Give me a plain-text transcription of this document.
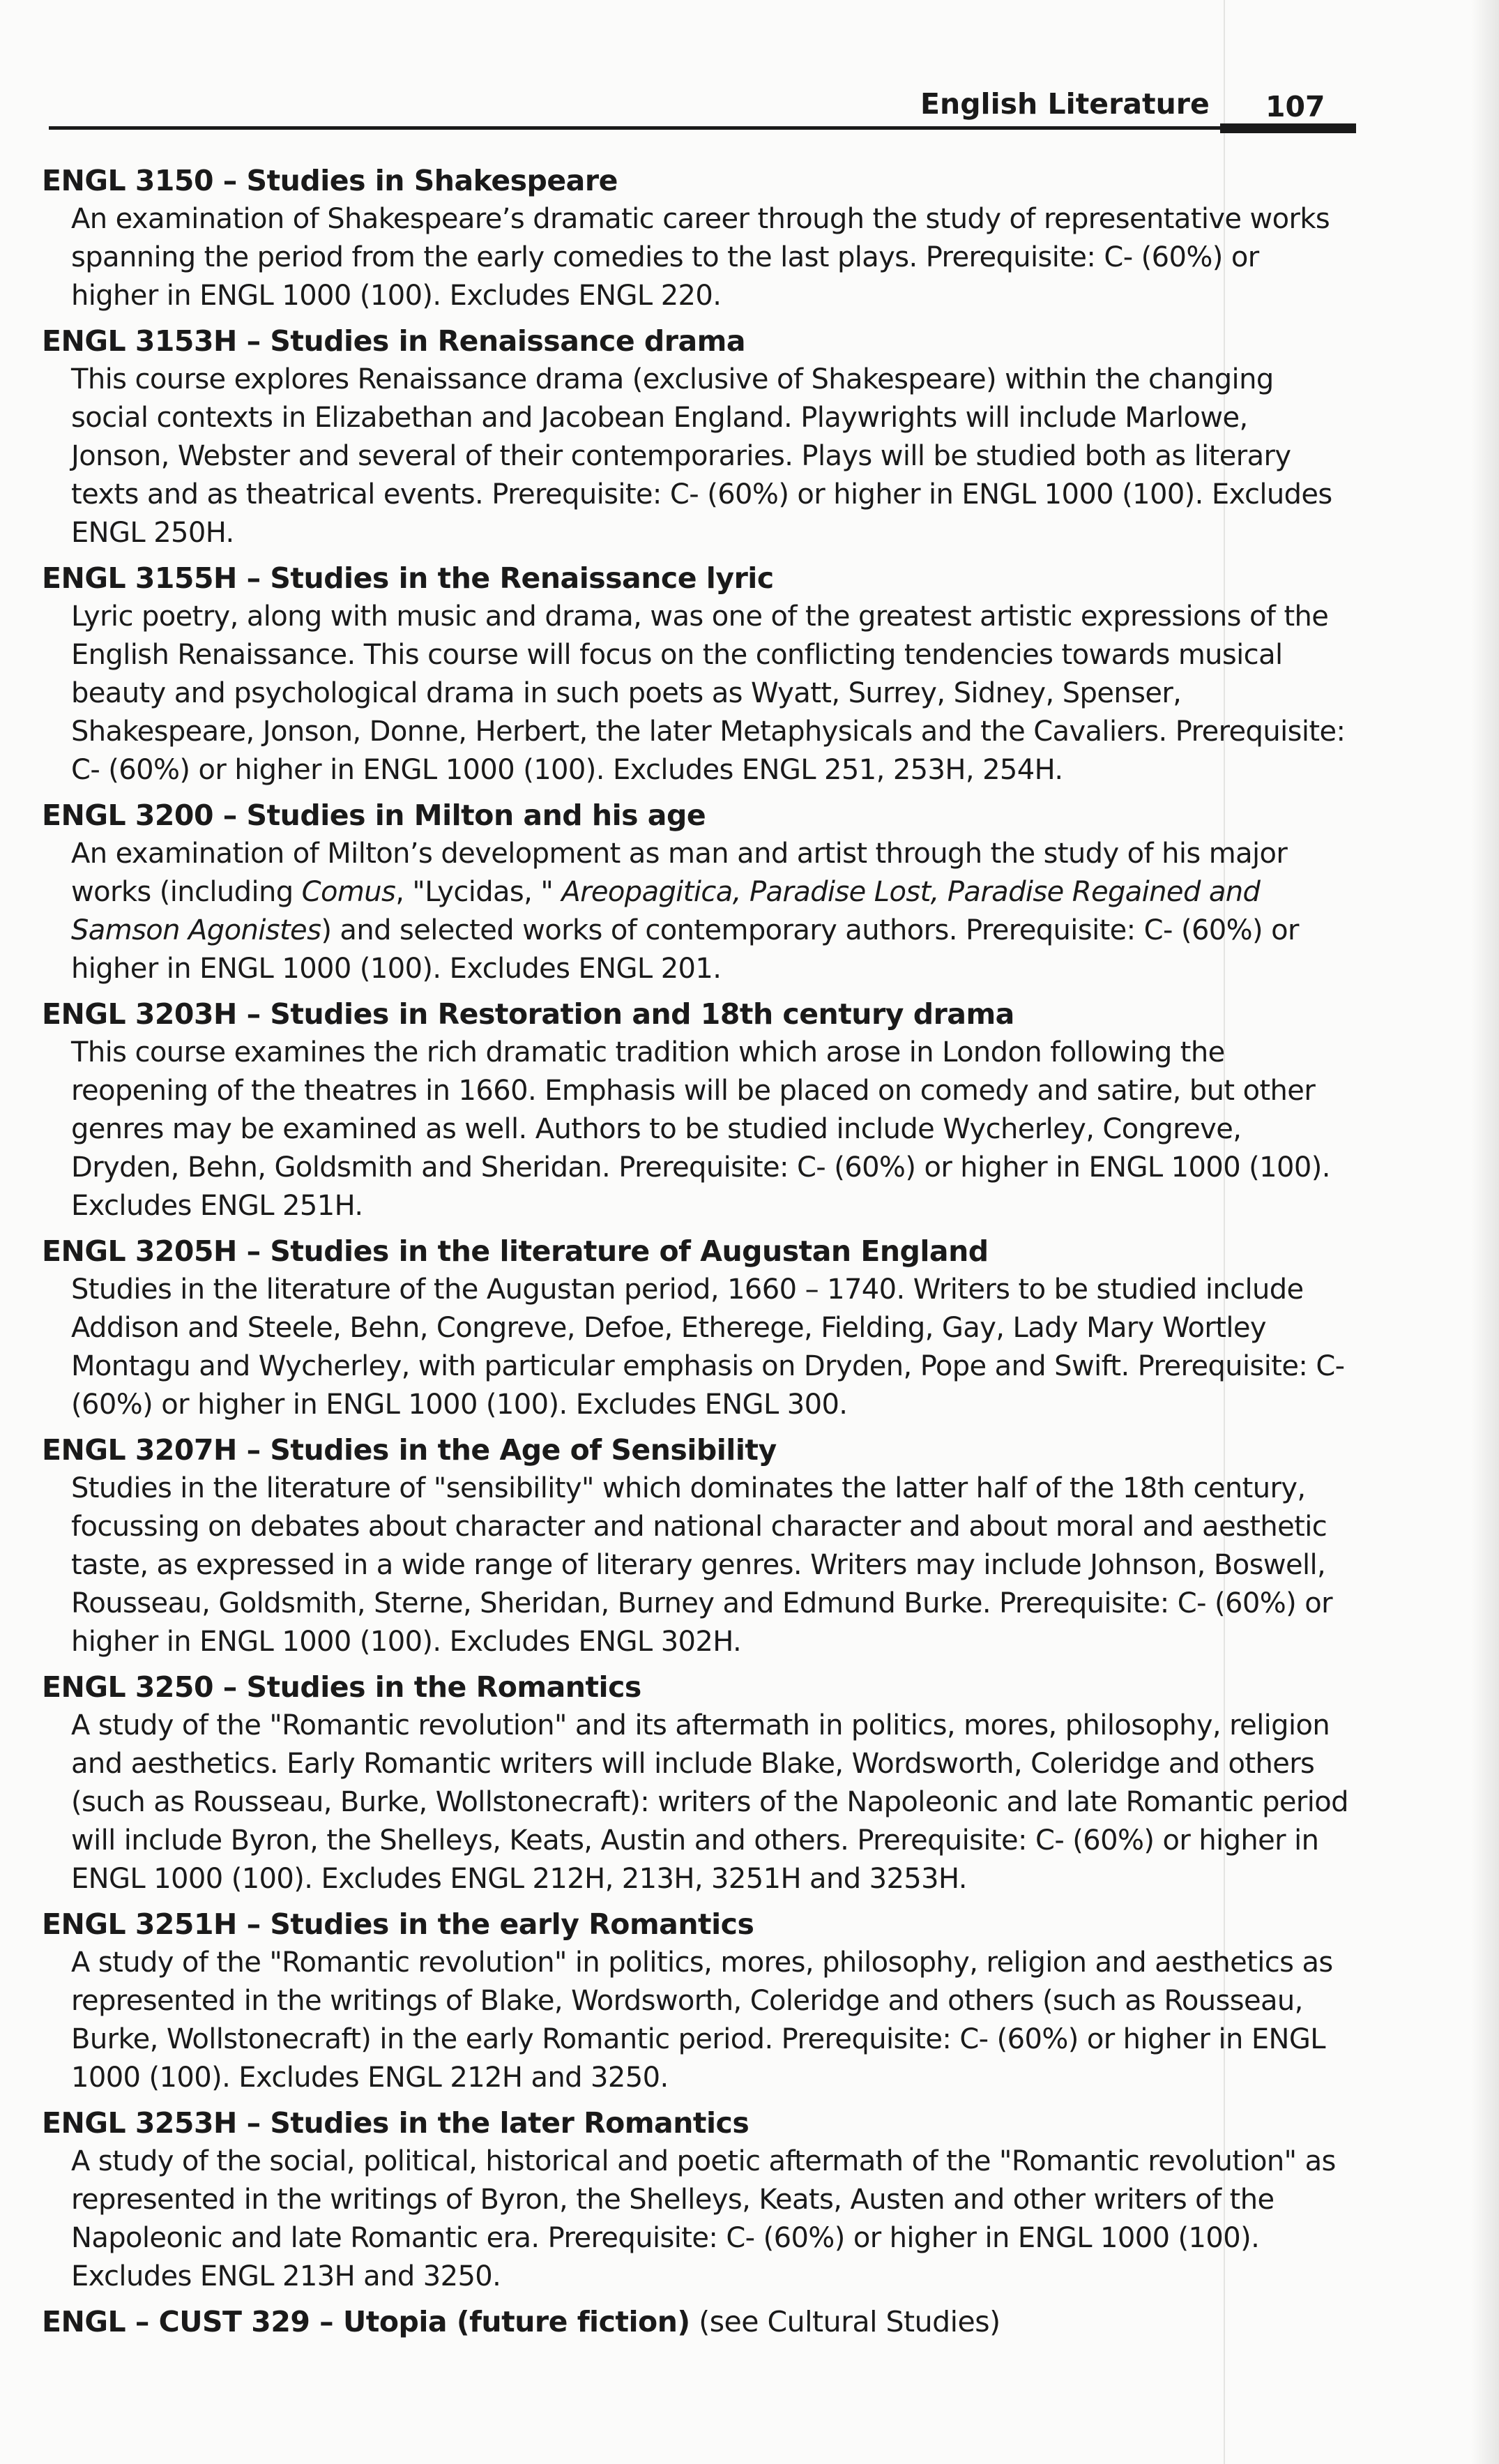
English Literature 107
ENGL 3150 – Studies in Shakespeare
An examination of Shakespeare’s dramatic career through the study of representative works spanning the period from the early comedies to the last plays. Prerequisite: C- (60%) or higher in ENGL 1000 (100). Excludes ENGL 220.
ENGL 3153H – Studies in Renaissance drama
This course explores Renaissance drama (exclusive of Shakespeare) within the changing social contexts in Elizabethan and Jacobean England. Playwrights will include Marlowe, Jonson, Webster and several of their contemporaries. Plays will be studied both as literary texts and as theatrical events. Prerequisite: C- (60%) or higher in ENGL 1000 (100). Excludes ENGL 250H.
ENGL 3155H – Studies in the Renaissance lyric
Lyric poetry, along with music and drama, was one of the greatest artistic expressions of the English Renaissance. This course will focus on the conflicting tendencies towards musical beauty and psychological drama in such poets as Wyatt, Surrey, Sidney, Spenser, Shakespeare, Jonson, Donne, Herbert, the later Metaphysicals and the Cavaliers. Prerequisite: C- (60%) or higher in ENGL 1000 (100). Excludes ENGL 251, 253H, 254H.
ENGL 3200 – Studies in Milton and his age
An examination of Milton’s development as man and artist through the study of his major works (including Comus, "Lycidas, " Areopagitica, Paradise Lost, Paradise Regained and Samson Agonistes) and selected works of contemporary authors. Prerequisite: C- (60%) or higher in ENGL 1000 (100). Excludes ENGL 201.
ENGL 3203H – Studies in Restoration and 18th century drama
This course examines the rich dramatic tradition which arose in London following the reopening of the theatres in 1660. Emphasis will be placed on comedy and satire, but other genres may be examined as well. Authors to be studied include Wycherley, Congreve, Dryden, Behn, Goldsmith and Sheridan. Prerequisite: C- (60%) or higher in ENGL 1000 (100). Excludes ENGL 251H.
ENGL 3205H – Studies in the literature of Augustan England
Studies in the literature of the Augustan period, 1660 – 1740. Writers to be studied include Addison and Steele, Behn, Congreve, Defoe, Etherege, Fielding, Gay, Lady Mary Wortley Montagu and Wycherley, with particular emphasis on Dryden, Pope and Swift. Prerequisite: C- (60%) or higher in ENGL 1000 (100). Excludes ENGL 300.
ENGL 3207H – Studies in the Age of Sensibility
Studies in the literature of "sensibility" which dominates the latter half of the 18th century, focussing on debates about character and national character and about moral and aesthetic taste, as expressed in a wide range of literary genres. Writers may include Johnson, Boswell, Rousseau, Goldsmith, Sterne, Sheridan, Burney and Edmund Burke. Prerequisite: C- (60%) or higher in ENGL 1000 (100). Excludes ENGL 302H.
ENGL 3250 – Studies in the Romantics
A study of the "Romantic revolution" and its aftermath in politics, mores, philosophy, religion and aesthetics. Early Romantic writers will include Blake, Wordsworth, Coleridge and others (such as Rousseau, Burke, Wollstonecraft): writers of the Napoleonic and late Romantic period will include Byron, the Shelleys, Keats, Austin and others. Prerequisite: C- (60%) or higher in ENGL 1000 (100). Excludes ENGL 212H, 213H, 3251H and 3253H.
ENGL 3251H – Studies in the early Romantics
A study of the "Romantic revolution" in politics, mores, philosophy, religion and aesthetics as represented in the writings of Blake, Wordsworth, Coleridge and others (such as Rousseau, Burke, Wollstonecraft) in the early Romantic period. Prerequisite: C- (60%) or higher in ENGL 1000 (100). Excludes ENGL 212H and 3250.
ENGL 3253H – Studies in the later Romantics
A study of the social, political, historical and poetic aftermath of the "Romantic revolution" as represented in the writings of Byron, the Shelleys, Keats, Austen and other writers of the Napoleonic and late Romantic era. Prerequisite: C- (60%) or higher in ENGL 1000 (100). Excludes ENGL 213H and 3250.
ENGL – CUST 329 – Utopia (future fiction) (see Cultural Studies)
